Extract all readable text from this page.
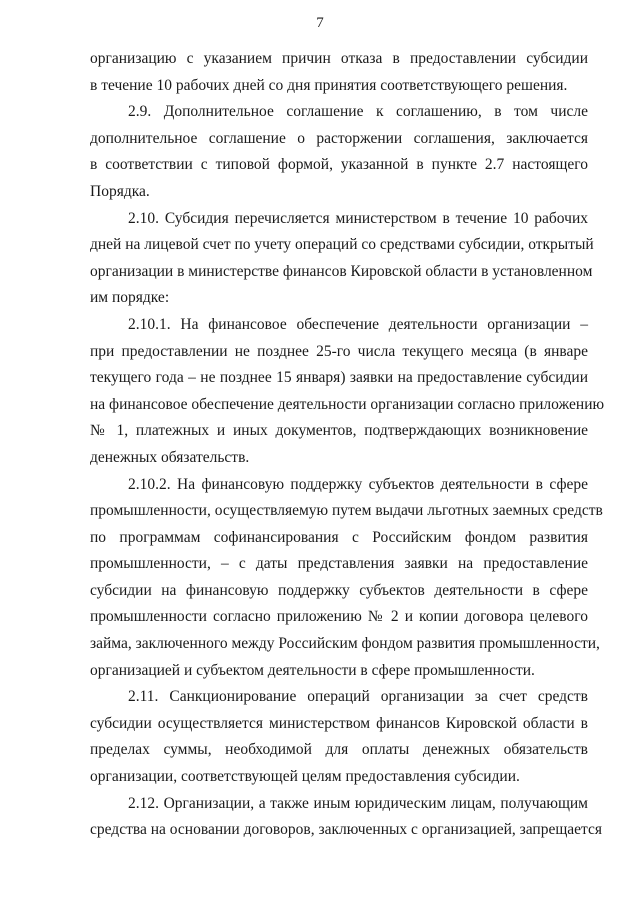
7
организацию с указанием причин отказа в предоставлении субсидии
в течение 10 рабочих дней со дня принятия соответствующего решения.
2.9. Дополнительное соглашение к соглашению, в том числе
дополнительное соглашение о расторжении соглашения, заключается
в соответствии с типовой формой, указанной в пункте 2.7 настоящего
Порядка.
2.10. Субсидия перечисляется министерством в течение 10 рабочих
дней на лицевой счет по учету операций со средствами субсидии, открытый
организации в министерстве финансов Кировской области в установленном
им порядке:
2.10.1. На финансовое обеспечение деятельности организации –
при предоставлении не позднее 25-го числа текущего месяца (в январе
текущего года – не позднее 15 января) заявки на предоставление субсидии
на финансовое обеспечение деятельности организации согласно приложению
№ 1, платежных и иных документов, подтверждающих возникновение
денежных обязательств.
2.10.2. На финансовую поддержку субъектов деятельности в сфере
промышленности, осуществляемую путем выдачи льготных заемных средств
по программам софинансирования с Российским фондом развития
промышленности, – с даты представления заявки на предоставление
субсидии на финансовую поддержку субъектов деятельности в сфере
промышленности согласно приложению № 2 и копии договора целевого
займа, заключенного между Российским фондом развития промышленности,
организацией и субъектом деятельности в сфере промышленности.
2.11. Санкционирование операций организации за счет средств
субсидии осуществляется министерством финансов Кировской области в
пределах суммы, необходимой для оплаты денежных обязательств
организации, соответствующей целям предоставления субсидии.
2.12. Организации, а также иным юридическим лицам, получающим
средства на основании договоров, заключенных с организацией, запрещается
